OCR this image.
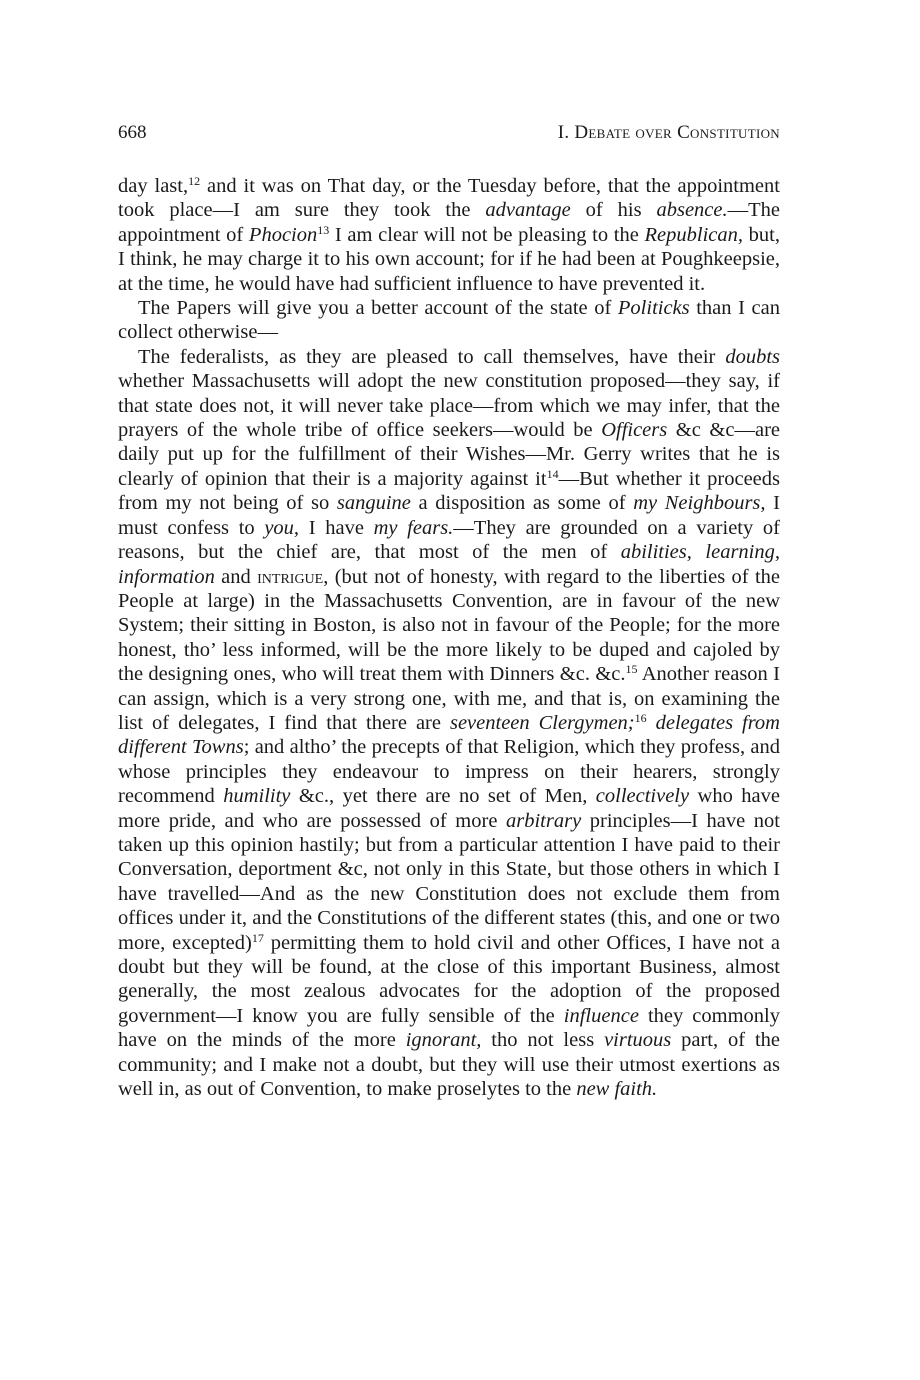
668	I. Debate over Constitution

day last,$^{12}$ and it was on That day, or the Tuesday before, that the appointment took place—I am sure they took the advantage of his absence.—The appointment of Phocion$^{13}$ I am clear will not be pleasing to the Republican, but, I think, he may charge it to his own account; for if he had been at Poughkeepsie, at the time, he would have had sufficient influence to have prevented it.

The Papers will give you a better account of the state of Politicks than I can collect otherwise—

The federalists, as they are pleased to call themselves, have their doubts whether Massachusetts will adopt the new constitution proposed—they say, if that state does not, it will never take place—from which we may infer, that the prayers of the whole tribe of office seekers—would be Officers &c &c—are daily put up for the fulfillment of their Wishes—Mr. Gerry writes that he is clearly of opinion that their is a majority against $it^{14}—But$ whether it proceeds from my not being of so sanguine a disposition as some of my Neighbours, I must confess to you, I have my fears.—They are grounded on a variety of reasons, but the chief are, that most of the men of abilities, learning, information and intrigue, (but not of honesty, with regard to the liberties of the People at large) in the Massachusetts Convention, are in favour of the new System; their sitting in Boston, is also not in favour of the People; for the more honest, tho’ less informed, will be the more likely to be duped and cajoled by the designing ones, who will treat them with Dinners &c. &c.$^{15}$ Another reason I can assign, which is a very strong one, with me, and that is, on examining the list of delegates, I find that there are seventeen Clergymen;$^{16}$ delegates from different Towns; and altho’ the precepts of that Religion, which they profess, and whose principles they endeavour to impress on their hearers, strongly recommend humility &c., yet there are no set of Men, collectively who have more pride, and who are possessed of more arbitrary principles—I have not taken up this opinion hastily; but from a particular attention I have paid to their Conversation, deportment &c, not only in this State, but those others in which I have travelled—And as the new Constitution does not exclude them from offices under it, and the Constitutions of the different states (this, and one or two more, excepted)$^{17}$ permitting them to hold civil and other Offices, I have not a doubt but they will be found, at the close of this important Business, almost generally, the most zealous advocates for the adoption of the proposed government—I know you are fully sensible of the influence they commonly have on the minds of the more ignorant, tho not less virtuous part, of the community; and I make not a doubt, but they will use their utmost exertions as well in, as out of Convention, to make proselytes to the new faith.
